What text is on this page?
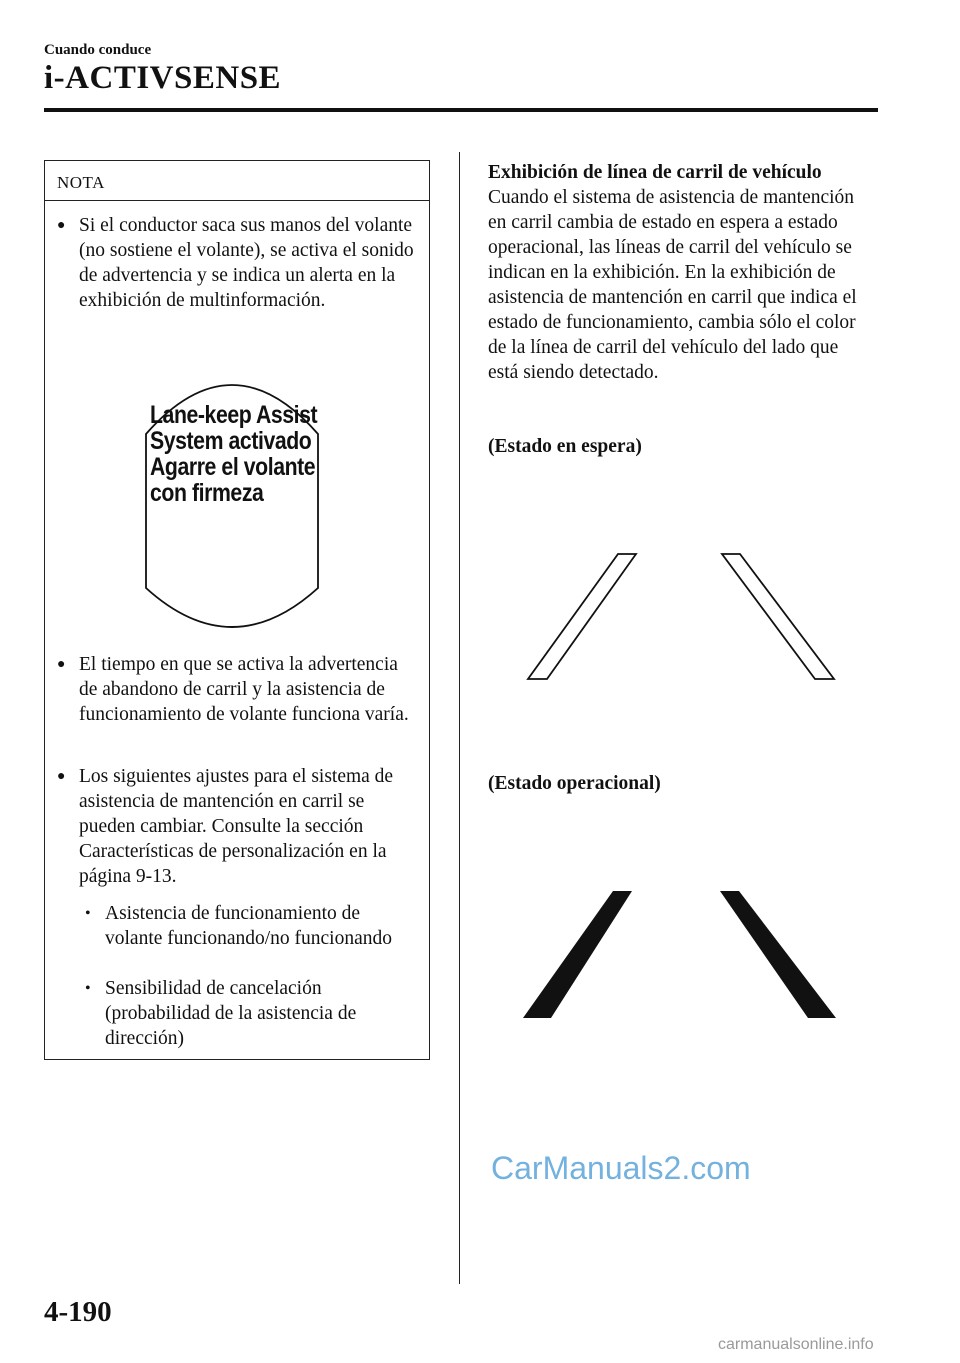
Cuando conduce
i-ACTIVSENSE
NOTA
● Si el conductor saca sus manos del volante (no sostiene el volante), se activa el sonido de advertencia y se indica un alerta en la exhibición de multinformación.
● El tiempo en que se activa la advertencia de abandono de carril y la asistencia de funcionamiento de volante funciona varía.
● Los siguientes ajustes para el sistema de asistencia de mantención en carril se pueden cambiar. Consulte la sección Características de personalización en la página 9-13.
• Asistencia de funcionamiento de volante funcionando/no funcionando
• Sensibilidad de cancelación (probabilidad de la asistencia de dirección)
Lane-keep Assist
System activado
Agarre el volante
con firmeza
Exhibición de línea de carril de vehículo
Cuando el sistema de asistencia de mantención en carril cambia de estado en espera a estado operacional, las líneas de carril del vehículo se indican en la exhibición. En la exhibición de asistencia de mantención en carril que indica el estado de funcionamiento, cambia sólo el color de la línea de carril del vehículo del lado que está siendo detectado.
(Estado en espera)
(Estado operacional)
CarManuals2.com
4-190
carmanualsonline.info
